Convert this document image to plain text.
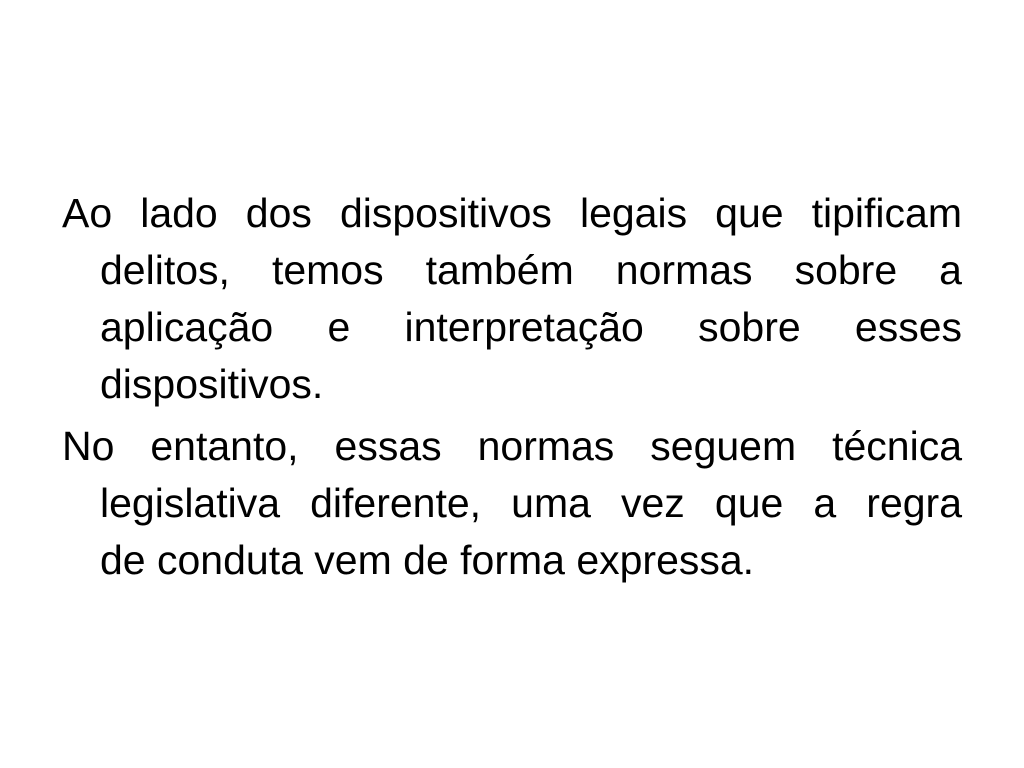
Ao lado dos dispositivos legais que tipificam
delitos, temos também normas sobre a
aplicação e interpretação sobre esses
dispositivos.
No entanto, essas normas seguem técnica
legislativa diferente, uma vez que a regra
de conduta vem de forma expressa.
